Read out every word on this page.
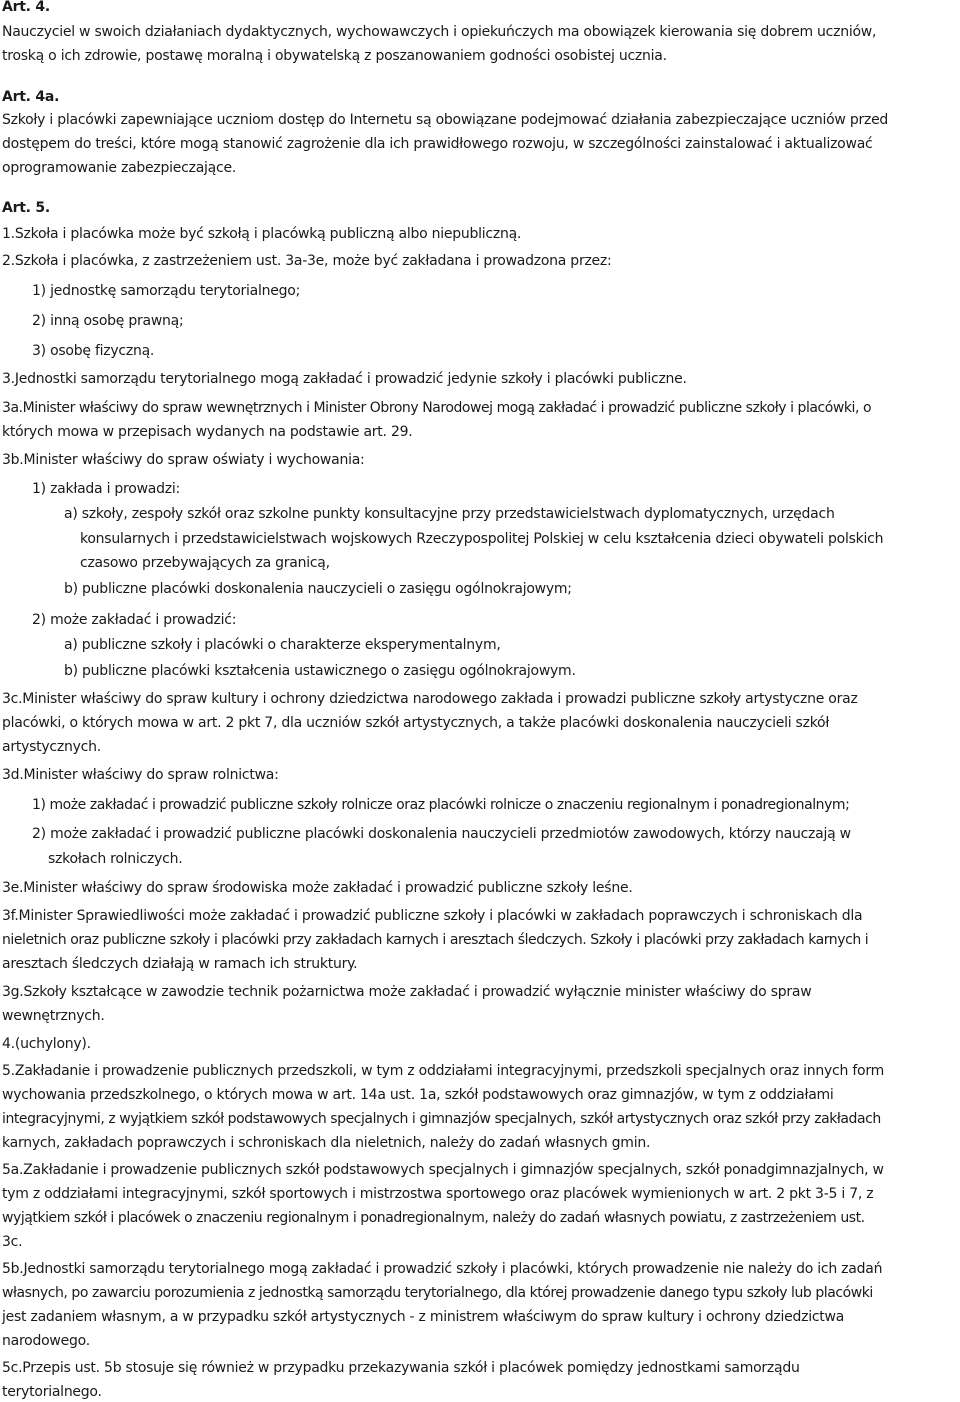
Art. 4.
Nauczyciel w swoich działaniach dydaktycznych, wychowawczych i opiekuńczych ma obowiązek kierowania się dobrem uczniów,
troską o ich zdrowie, postawę moralną i obywatelską z poszanowaniem godności osobistej ucznia.
Art. 4a.
Szkoły i placówki zapewniające uczniom dostęp do Internetu są obowiązane podejmować działania zabezpieczające uczniów przed
dostępem do treści, które mogą stanowić zagrożenie dla ich prawidłowego rozwoju, w szczególności zainstalować i aktualizować
oprogramowanie zabezpieczające.
Art. 5.
1.Szkoła i placówka może być szkołą i placówką publiczną albo niepubliczną.
2.Szkoła i placówka, z zastrzeżeniem ust. 3a-3e, może być zakładana i prowadzona przez:
1) jednostkę samorządu terytorialnego;
2) inną osobę prawną;
3) osobę fizyczną.
3.Jednostki samorządu terytorialnego mogą zakładać i prowadzić jedynie szkoły i placówki publiczne.
3a.Minister właściwy do spraw wewnętrznych i Minister Obrony Narodowej mogą zakładać i prowadzić publiczne szkoły i placówki, o
których mowa w przepisach wydanych na podstawie art. 29.
3b.Minister właściwy do spraw oświaty i wychowania:
1) zakłada i prowadzi:
a) szkoły, zespoły szkół oraz szkolne punkty konsultacyjne przy przedstawicielstwach dyplomatycznych, urzędach
konsularnych i przedstawicielstwach wojskowych Rzeczypospolitej Polskiej w celu kształcenia dzieci obywateli polskich
czasowo przebywających za granicą,
b) publiczne placówki doskonalenia nauczycieli o zasięgu ogólnokrajowym;
2) może zakładać i prowadzić:
a) publiczne szkoły i placówki o charakterze eksperymentalnym,
b) publiczne placówki kształcenia ustawicznego o zasięgu ogólnokrajowym.
3c.Minister właściwy do spraw kultury i ochrony dziedzictwa narodowego zakłada i prowadzi publiczne szkoły artystyczne oraz
placówki, o których mowa w art. 2 pkt 7, dla uczniów szkół artystycznych, a także placówki doskonalenia nauczycieli szkół
artystycznych.
3d.Minister właściwy do spraw rolnictwa:
1) może zakładać i prowadzić publiczne szkoły rolnicze oraz placówki rolnicze o znaczeniu regionalnym i ponadregionalnym;
2) może zakładać i prowadzić publiczne placówki doskonalenia nauczycieli przedmiotów zawodowych, którzy nauczają w
szkołach rolniczych.
3e.Minister właściwy do spraw środowiska może zakładać i prowadzić publiczne szkoły leśne.
3f.Minister Sprawiedliwości może zakładać i prowadzić publiczne szkoły i placówki w zakładach poprawczych i schroniskach dla
nieletnich oraz publiczne szkoły i placówki przy zakładach karnych i aresztach śledczych. Szkoły i placówki przy zakładach karnych i
aresztach śledczych działają w ramach ich struktury.
3g.Szkoły kształcące w zawodzie technik pożarnictwa może zakładać i prowadzić wyłącznie minister właściwy do spraw
wewnętrznych.
4.(uchylony).
5.Zakładanie i prowadzenie publicznych przedszkoli, w tym z oddziałami integracyjnymi, przedszkoli specjalnych oraz innych form
wychowania przedszkolnego, o których mowa w art. 14a ust. 1a, szkół podstawowych oraz gimnazjów, w tym z oddziałami
integracyjnymi, z wyjątkiem szkół podstawowych specjalnych i gimnazjów specjalnych, szkół artystycznych oraz szkół przy zakładach
karnych, zakładach poprawczych i schroniskach dla nieletnich, należy do zadań własnych gmin.
5a.Zakładanie i prowadzenie publicznych szkół podstawowych specjalnych i gimnazjów specjalnych, szkół ponadgimnazjalnych, w
tym z oddziałami integracyjnymi, szkół sportowych i mistrzostwa sportowego oraz placówek wymienionych w art. 2 pkt 3-5 i 7, z
wyjątkiem szkół i placówek o znaczeniu regionalnym i ponadregionalnym, należy do zadań własnych powiatu, z zastrzeżeniem ust.
3c.
5b.Jednostki samorządu terytorialnego mogą zakładać i prowadzić szkoły i placówki, których prowadzenie nie należy do ich zadań
własnych, po zawarciu porozumienia z jednostką samorządu terytorialnego, dla której prowadzenie danego typu szkoły lub placówki
jest zadaniem własnym, a w przypadku szkół artystycznych - z ministrem właściwym do spraw kultury i ochrony dziedzictwa
narodowego.
5c.Przepis ust. 5b stosuje się również w przypadku przekazywania szkół i placówek pomiędzy jednostkami samorządu
terytorialnego.
